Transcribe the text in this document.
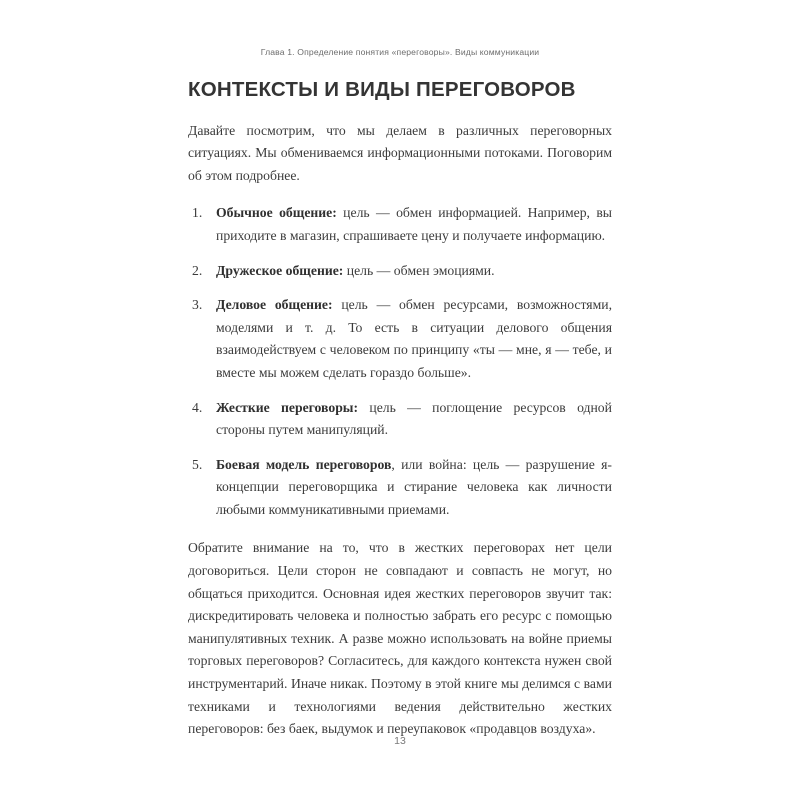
Глава 1. Определение понятия «переговоры». Виды коммуникации
КОНТЕКСТЫ И ВИДЫ ПЕРЕГОВОРОВ

Давайте посмотрим, что мы делаем в различных переговорных ситуациях. Мы обмениваемся информационными потоками. Поговорим об этом подробнее.

1.	Обычное общение: цель — обмен информацией. Например, вы приходите в магазин, спрашиваете цену и получаете информацию.
2.	Дружеское общение: цель — обмен эмоциями.
3.	Деловое общение: цель — обмен ресурсами, возможностями, моделями и т. д. То есть в ситуации делового общения взаимодействуем с человеком по принципу «ты — мне, я — тебе, и вместе мы можем сделать гораздо больше».
4.	Жесткие переговоры: цель — поглощение ресурсов одной стороны путем манипуляций.
5.	Боевая модель переговоров, или война: цель — разрушение я-концепции переговорщика и стирание человека как личности любыми коммуникативными приемами.

Обратите внимание на то, что в жестких переговорах нет цели договориться. Цели сторон не совпадают и совпасть не могут, но общаться приходится. Основная идея жестких переговоров звучит так: дискредитировать человека и полностью забрать его ресурс с помощью манипулятивных техник. А разве можно использовать на войне приемы торговых переговоров? Согласитесь, для каждого контекста нужен свой инструментарий. Иначе никак. Поэтому в этой книге мы делимся с вами техниками и технологиями ведения действительно жестких переговоров: без баек, выдумок и переупаковок «продавцов воздуха».

13
